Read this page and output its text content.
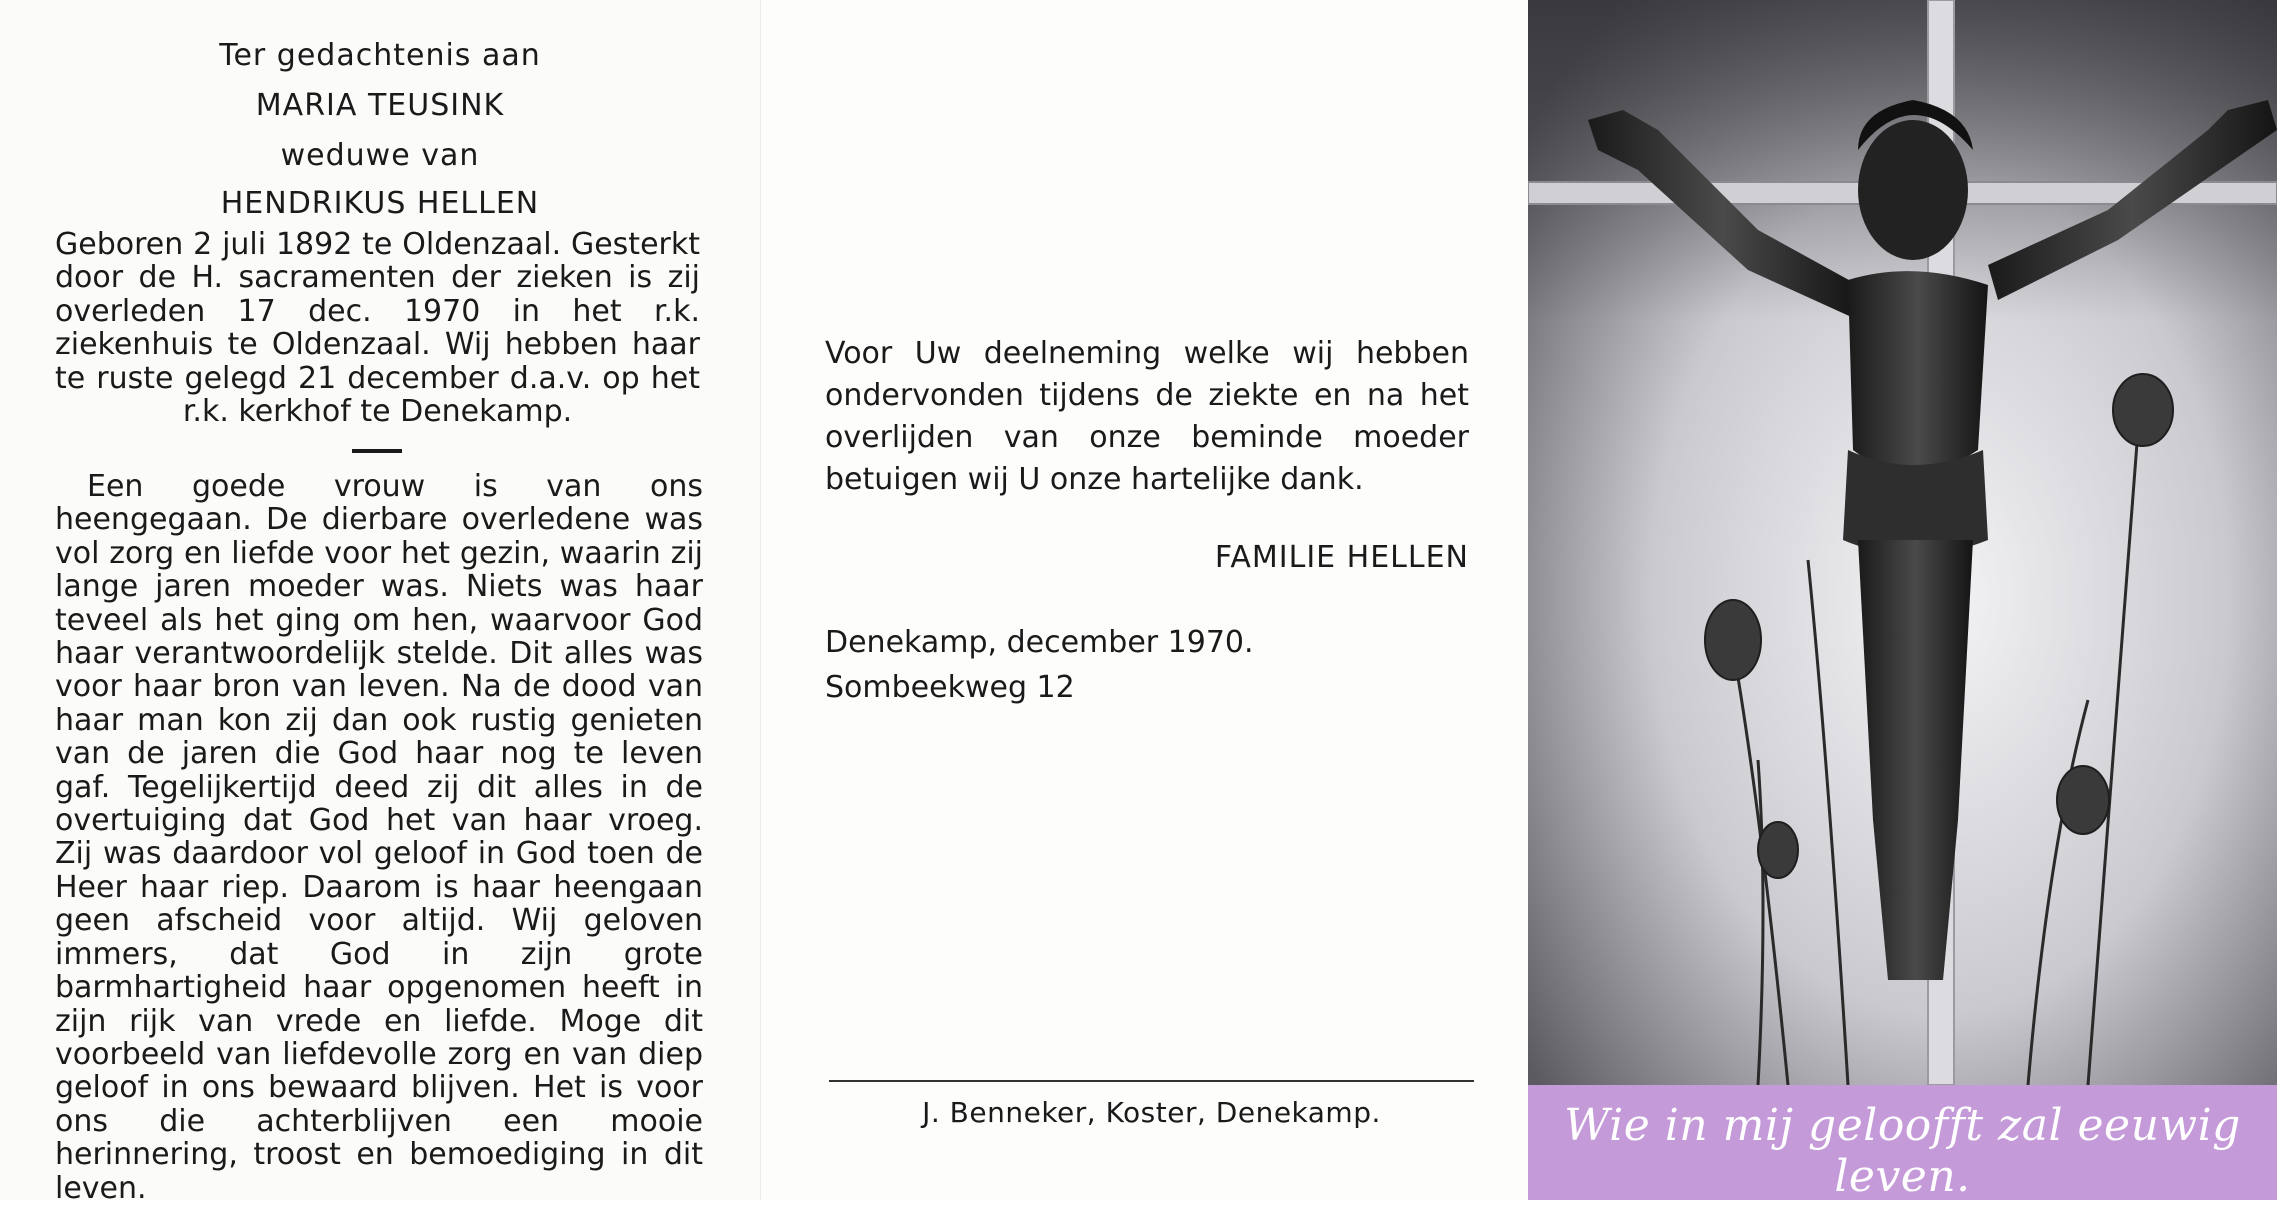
Ter gedachtenis aan
MARIA TEUSINK
weduwe van
HENDRIKUS HELLEN
Geboren 2 juli 1892 te Oldenzaal. Gesterkt door de H. sacramenten der zieken is zij overleden 17 dec. 1970 in het r.k. ziekenhuis te Oldenzaal. Wij hebben haar te ruste gelegd 21 december d.a.v. op het r.k. kerkhof te Denekamp.
Een goede vrouw is van ons heengegaan. De dierbare overledene was vol zorg en liefde voor het gezin, waarin zij lange jaren moeder was. Niets was haar teveel als het ging om hen, waarvoor God haar verantwoordelijk stelde. Dit alles was voor haar bron van leven. Na de dood van haar man kon zij dan ook rustig genieten van de jaren die God haar nog te leven gaf. Tegelijkertijd deed zij dit alles in de overtuiging dat God het van haar vroeg. Zij was daardoor vol geloof in God toen de Heer haar riep. Daarom is haar heengaan geen afscheid voor altijd. Wij geloven immers, dat God in zijn grote barmhartigheid haar opgenomen heeft in zijn rijk van vrede en liefde. Moge dit voorbeeld van liefdevolle zorg en van diep geloof in ons bewaard blijven. Het is voor ons die achterblijven een mooie herinnering, troost en bemoediging in dit leven.
Voor Uw deelneming welke wij hebben ondervonden tijdens de ziekte en na het overlijden van onze beminde moeder betuigen wij U onze hartelijke dank.
FAMILIE HELLEN
Denekamp, december 1970.
Sombeekweg 12
J. Benneker, Koster, Denekamp.	Wie in mij geloofft zal eeuwig leven.
